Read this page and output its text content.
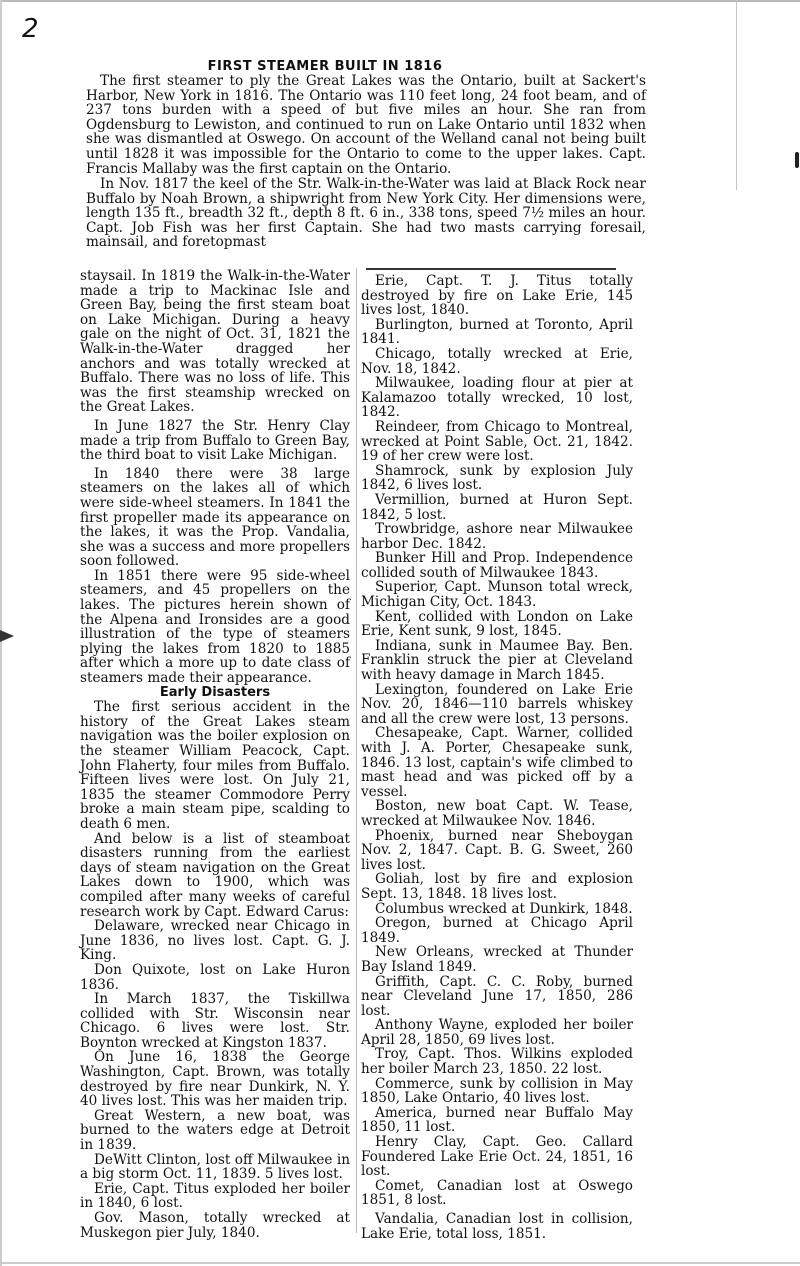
2
FIRST STEAMER BUILT IN 1816

The first steamer to ply the Great Lakes was the Ontario, built at Sackert's Harbor, New York in 1816. The Ontario was 110 feet long, 24 foot beam, and of 237 tons burden with a speed of but five miles an hour. She ran from Ogdensburg to Lewiston, and continued to run on Lake Ontario until 1832 when she was dismantled at Oswego. On account of the Welland canal not being built until 1828 it was impossible for the Ontario to come to the upper lakes. Capt. Francis Mallaby was the first captain on the Ontario.

In Nov. 1817 the keel of the Str. Walk-in-the-Water was laid at Black Rock near Buffalo by Noah Brown, a shipwright from New York City. Her dimensions were, length 135 ft., breadth 32 ft., depth 8 ft. 6 in., 338 tons, speed 7½ miles an hour. Capt. Job Fish was her first Captain. She had two masts carrying foresail, mainsail, and foretopmast

staysail. In 1819 the Walk-in-the-Water made a trip to Mackinac Isle and Green Bay, being the first steam boat on Lake Michigan. During a heavy gale on the night of Oct. 31, 1821 the Walk-in-the-Water dragged her anchors and was totally wrecked at Buffalo. There was no loss of life. This was the first steamship wrecked on the Great Lakes.

In June 1827 the Str. Henry Clay made a trip from Buffalo to Green Bay, the third boat to visit Lake Michigan.

In 1840 there were 38 large steamers on the lakes all of which were side-wheel steamers. In 1841 the first propeller made its appearance on the lakes, it was the Prop. Vandalia, she was a success and more propellers soon followed.

In 1851 there were 95 side-wheel steamers, and 45 propellers on the lakes. The pictures herein shown of the Alpena and Ironsides are a good illustration of the type of steamers plying the lakes from 1820 to 1885 after which a more up to date class of steamers made their appearance.

Early Disasters

The first serious accident in the history of the Great Lakes steam navigation was the boiler explosion on the steamer William Peacock, Capt. John Flaherty, four miles from Buffalo. Fifteen lives were lost. On July 21, 1835 the steamer Commodore Perry broke a main steam pipe, scalding to death 6 men.

And below is a list of steamboat disasters running from the earliest days of steam navigation on the Great Lakes down to 1900, which was compiled after many weeks of careful research work by Capt. Edward Carus:

Delaware, wrecked near Chicago in June 1836, no lives lost. Capt. G. J. King.

Don Quixote, lost on Lake Huron 1836.

In March 1837, the Tiskillwa collided with Str. Wisconsin near Chicago. 6 lives were lost. Str. Boynton wrecked at Kingston 1837.

On June 16, 1838 the George Washington, Capt. Brown, was totally destroyed by fire near Dunkirk, N. Y. 40 lives lost. This was her maiden trip.

Great Western, a new boat, was burned to the waters edge at Detroit in 1839.

DeWitt Clinton, lost off Milwaukee in a big storm Oct. 11, 1839. 5 lives lost.

Erie, Capt. Titus exploded her boiler in 1840, 6 lost.

Gov. Mason, totally wrecked at Muskegon pier July, 1840.

Erie, Capt. T. J. Titus totally destroyed by fire on Lake Erie, 145 lives lost, 1840.

Burlington, burned at Toronto, April 1841.

Chicago, totally wrecked at Erie, Nov. 18, 1842.

Milwaukee, loading flour at pier at Kalamazoo totally wrecked, 10 lost, 1842.

Reindeer, from Chicago to Montreal, wrecked at Point Sable, Oct. 21, 1842. 19 of her crew were lost.

Shamrock, sunk by explosion July 1842, 6 lives lost.

Vermillion, burned at Huron Sept. 1842, 5 lost.

Trowbridge, ashore near Milwaukee harbor Dec. 1842.

Bunker Hill and Prop. Independence collided south of Milwaukee 1843.

Superior, Capt. Munson total wreck, Michigan City, Oct. 1843.

Kent, collided with London on Lake Erie, Kent sunk, 9 lost, 1845.

Indiana, sunk in Maumee Bay. Ben. Franklin struck the pier at Cleveland with heavy damage in March 1845.

Lexington, foundered on Lake Erie Nov. 20, 1846—110 barrels whiskey and all the crew were lost, 13 persons.

Chesapeake, Capt. Warner, collided with J. A. Porter, Chesapeake sunk, 1846. 13 lost, captain's wife climbed to mast head and was picked off by a vessel.

Boston, new boat Capt. W. Tease, wrecked at Milwaukee Nov. 1846.

Phoenix, burned near Sheboygan Nov. 2, 1847. Capt. B. G. Sweet, 260 lives lost.

Goliah, lost by fire and explosion Sept. 13, 1848. 18 lives lost.

Columbus wrecked at Dunkirk, 1848.

Oregon, burned at Chicago April 1849.

New Orleans, wrecked at Thunder Bay Island 1849.

Griffith, Capt. C. C. Roby, burned near Cleveland June 17, 1850, 286 lost.

Anthony Wayne, exploded her boiler April 28, 1850, 69 lives lost.

Troy, Capt. Thos. Wilkins exploded her boiler March 23, 1850. 22 lost.

Commerce, sunk by collision in May 1850, Lake Ontario, 40 lives lost.

America, burned near Buffalo May 1850, 11 lost.

Henry Clay, Capt. Geo. Callard Foundered Lake Erie Oct. 24, 1851, 16 lost.

Comet, Canadian lost at Oswego 1851, 8 lost.

Vandalia, Canadian lost in collision, Lake Erie, total loss, 1851.
